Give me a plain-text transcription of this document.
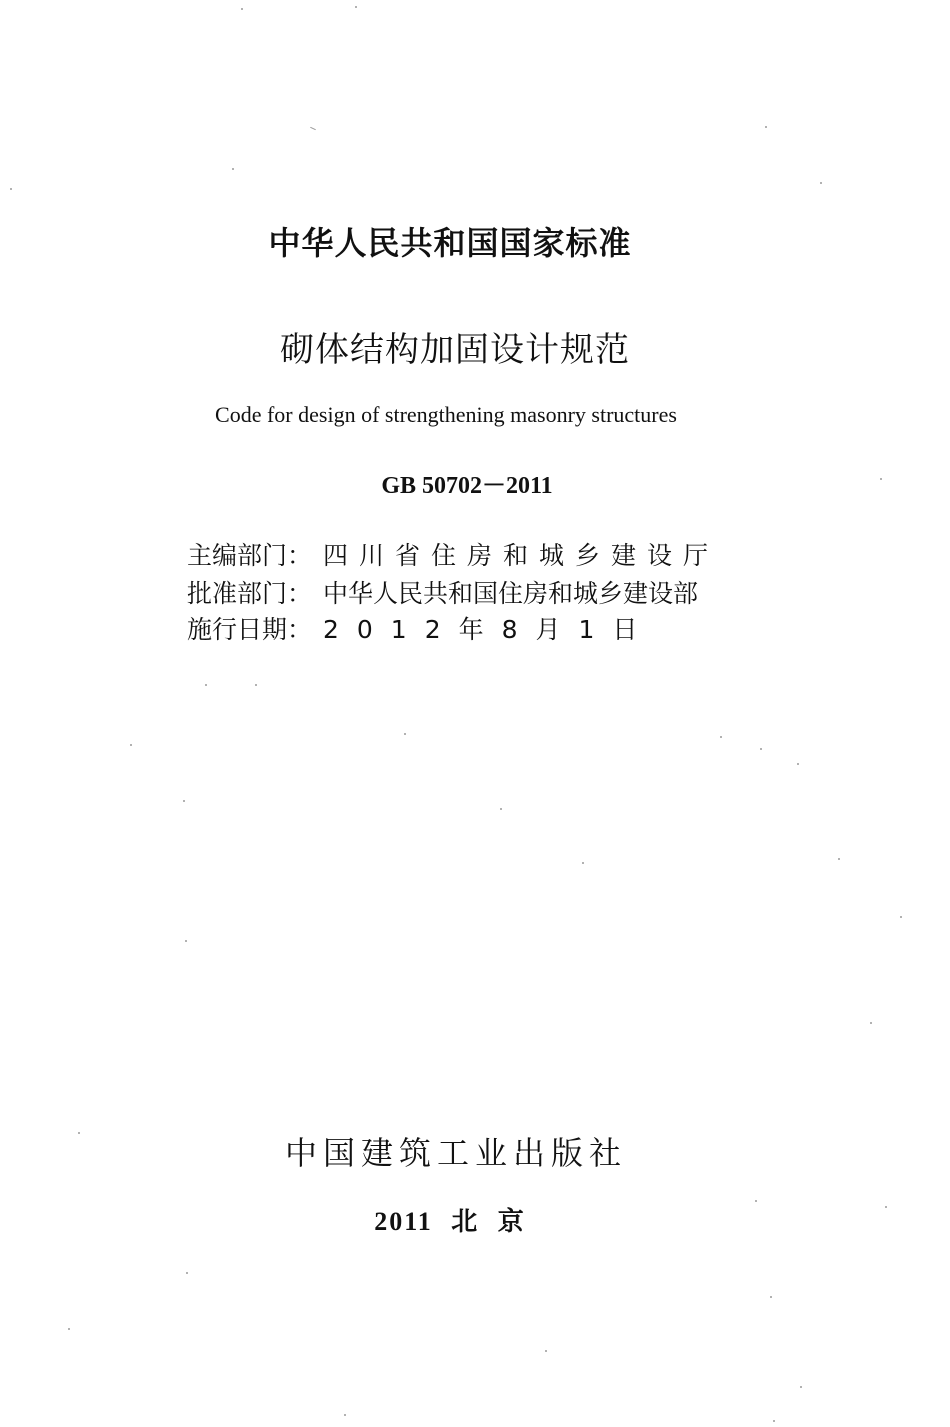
中华人民共和国国家标准
砌体结构加固设计规范
Code for design of strengthening masonry structures
GB 50702－2011
主编部门： 四川省住房和城乡建设厅
批准部门： 中华人民共和国住房和城乡建设部
施行日期： 2012年8月1日
中国建筑工业出版社
2011 北 京
